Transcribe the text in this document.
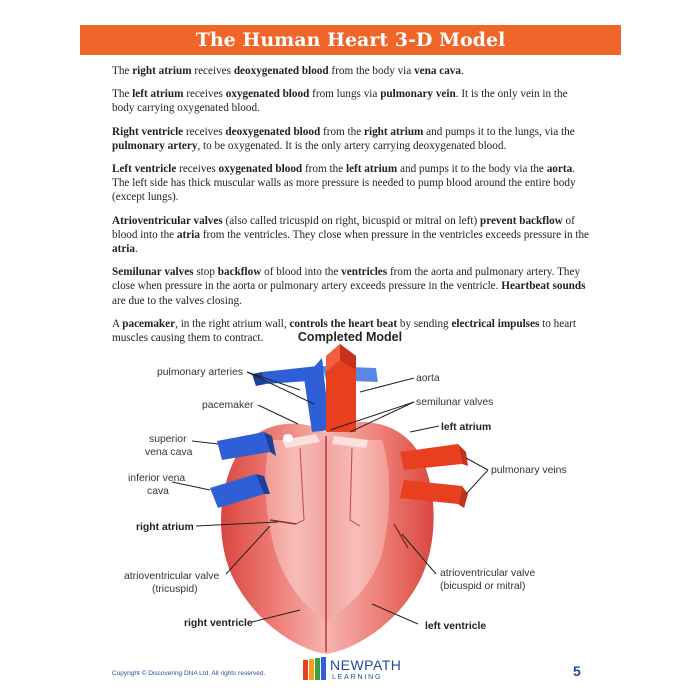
The Human Heart 3-D Model

The right atrium receives deoxygenated blood from the body via vena cava.

The left atrium receives oxygenated blood from lungs via pulmonary vein. It is the only vein in the body carrying oxygenated blood.

Right ventricle receives deoxygenated blood from the right atrium and pumps it to the lungs, via the pulmonary artery, to be oxygenated. It is the only artery carrying deoxygenated blood.

Left ventricle receives oxygenated blood from the left atrium and pumps it to the body via the aorta. The left side has thick muscular walls as more pressure is needed to pump blood around the entire body (except lungs).

Atrioventricular valves (also called tricuspid on right, bicuspid or mitral on left) prevent backflow of blood into the atria from the ventricles. They close when pressure in the ventricles exceeds pressure in the atria.

Semilunar valves stop backflow of blood into the ventricles from the aorta and pulmonary artery. They close when pressure in the aorta or pulmonary artery exceeds pressure in the ventricle. Heartbeat sounds are due to the valves closing.

A pacemaker, in the right atrium wall, controls the heart beat by sending electrical impulses to heart muscles causing them to contract.	Completed Model
pulmonary arteries
aorta
pacemaker	semilunar valves
left atrium
superior
vena cava
pulmonary veins
inferior vena
cava
right atrium
atrioventricular valve
(tricuspid)
atrioventricular valve
(bicuspid or mitral)
right ventricle	left ventricle
Copyright © Discovering DNA Ltd. All rights reserved.
NEWPATH
LEARNING	5
